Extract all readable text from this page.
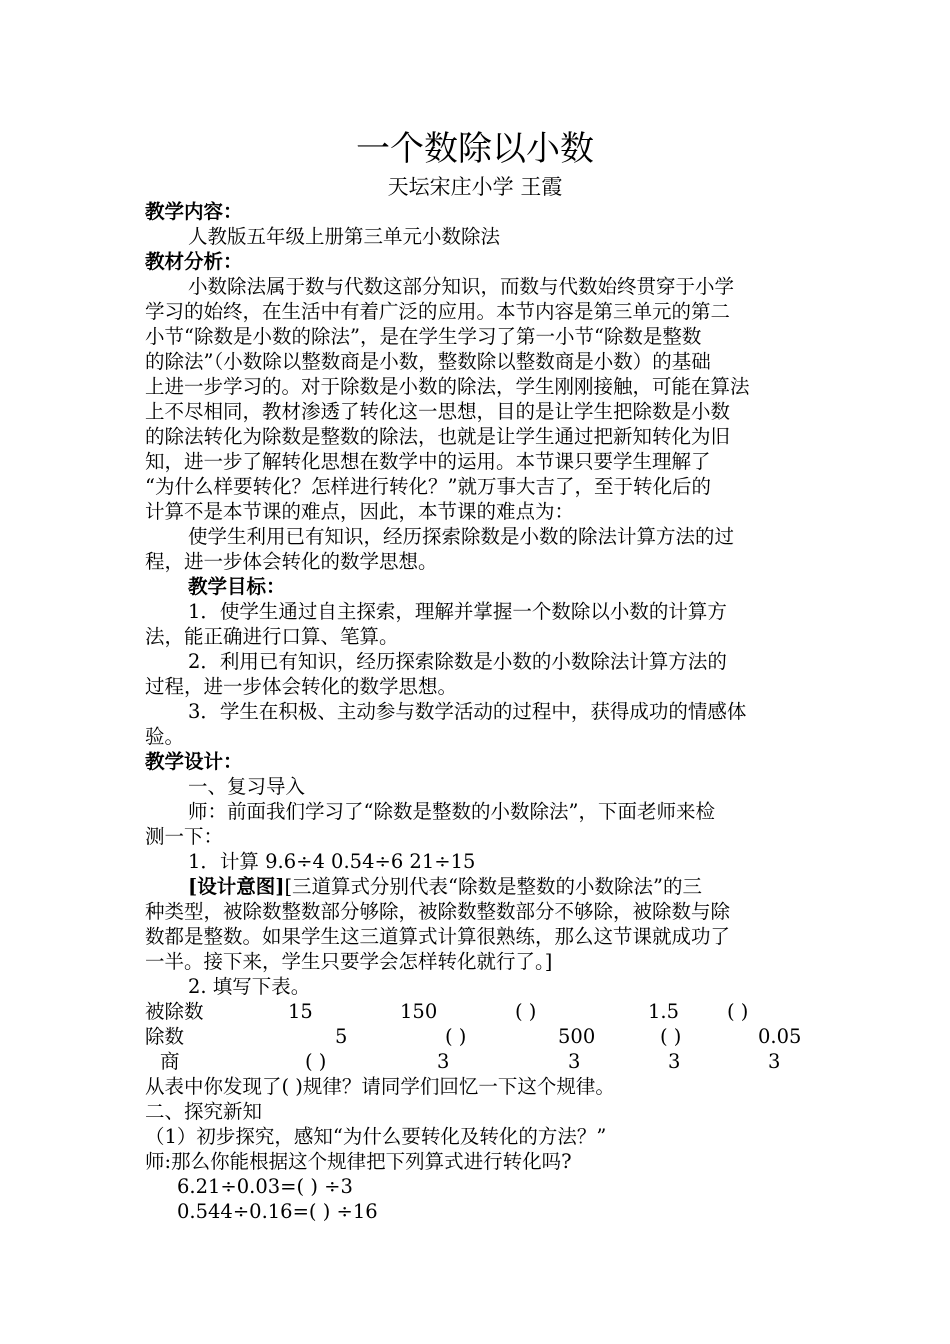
一个数除以小数
天坛宋庄小学 王霞
教学内容：
人教版五年级上册第三单元小数除法
教材分析：
小数除法属于数与代数这部分知识，而数与代数始终贯穿于小学
学习的始终，在生活中有着广泛的应用。本节内容是第三单元的第二
小节“除数是小数的除法”，是在学生学习了第一小节“除数是整数
的除法”（小数除以整数商是小数，整数除以整数商是小数）的基础
上进一步学习的。对于除数是小数的除法，学生刚刚接触，可能在算法
上不尽相同，教材渗透了转化这一思想，目的是让学生把除数是小数
的除法转化为除数是整数的除法，也就是让学生通过把新知转化为旧
知，进一步了解转化思想在数学中的运用。本节课只要学生理解了
“为什么样要转化？怎样进行转化？”就万事大吉了，至于转化后的
计算不是本节课的难点，因此，本节课的难点为：
使学生利用已有知识，经历探索除数是小数的除法计算方法的过
程，进一步体会转化的数学思想。
教学目标：
1．使学生通过自主探索，理解并掌握一个数除以小数的计算方
法，能正确进行口算、笔算。
2．利用已有知识，经历探索除数是小数的小数除法计算方法的
过程，进一步体会转化的数学思想。
3．学生在积极、主动参与数学活动的过程中，获得成功的情感体
验。
教学设计：
一、复习导入
师：前面我们学习了“除数是整数的小数除法”，下面老师来检
测一下：
1．计算 9.6÷4 0.54÷6 21÷15
[设计意图][三道算式分别代表“除数是整数的小数除法”的三
种类型，被除数整数部分够除，被除数整数部分不够除，被除数与除
数都是整数。如果学生这三道算式计算很熟练，那么这节课就成功了
一半。接下来，学生只要学会怎样转化就行了。]
2. 填写下表。
被除数	15	150	( )	1.5 ( )
除数	5	( )	500	( )	0.05
商	( )	3	3	3	3
从表中你发现了( )规律？请同学们回忆一下这个规律。
二、探究新知
（1）初步探究，感知“为什么要转化及转化的方法？”
师:那么你能根据这个规律把下列算式进行转化吗?
6.21÷0.03=( ) ÷3
0.544÷0.16=( ) ÷16
